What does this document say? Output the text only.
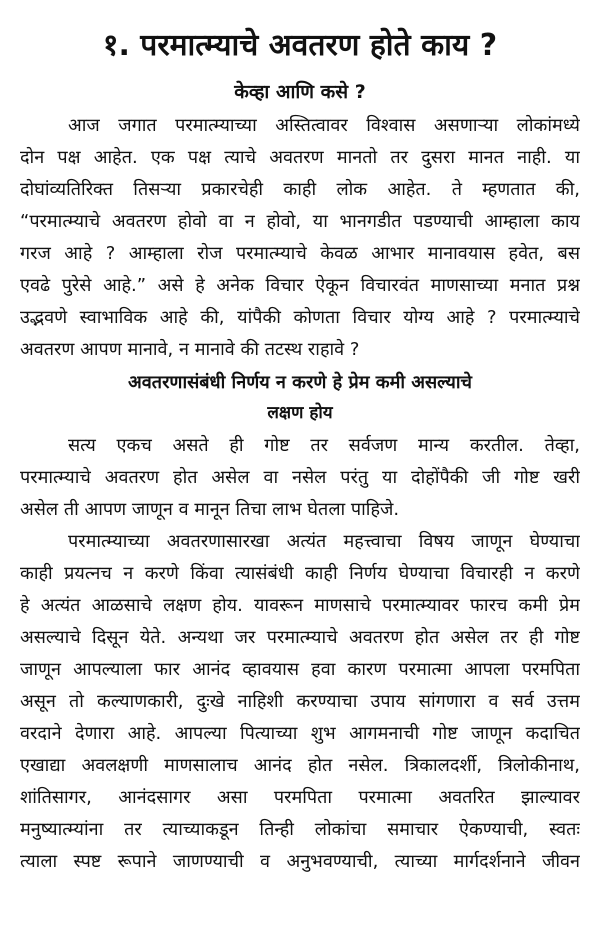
१. परमात्म्याचे अवतरण होते काय ?
केव्हा आणि कसे ?
आज जगात परमात्म्याच्या अस्तित्वावर विश्वास असणाऱ्या लोकांमध्ये
दोन पक्ष आहेत. एक पक्ष त्याचे अवतरण मानतो तर दुसरा मानत नाही. या
दोघांव्यतिरिक्त तिसऱ्या प्रकारचेही काही लोक आहेत. ते म्हणतात की,
“परमात्म्याचे अवतरण होवो वा न होवो, या भानगडीत पडण्याची आम्हाला काय
गरज आहे ? आम्हाला रोज परमात्म्याचे केवळ आभार मानावयास हवेत, बस
एवढे पुरेसे आहे.” असे हे अनेक विचार ऐकून विचारवंत माणसाच्या मनात प्रश्न
उद्भवणे स्वाभाविक आहे की, यांपैकी कोणता विचार योग्य आहे ? परमात्म्याचे
अवतरण आपण मानावे, न मानावे की तटस्थ राहावे ?
अवतरणासंबंधी निर्णय न करणे हे प्रेम कमी असल्याचे
लक्षण होय
सत्य एकच असते ही गोष्ट तर सर्वजण मान्य करतील. तेव्हा,
परमात्म्याचे अवतरण होत असेल वा नसेल परंतु या दोहोंपैकी जी गोष्ट खरी
असेल ती आपण जाणून व मानून तिचा लाभ घेतला पाहिजे.
परमात्म्याच्या अवतरणासारखा अत्यंत महत्त्वाचा विषय जाणून घेण्याचा
काही प्रयत्नच न करणे किंवा त्यासंबंधी काही निर्णय घेण्याचा विचारही न करणे
हे अत्यंत आळसाचे लक्षण होय. यावरून माणसाचे परमात्म्यावर फारच कमी प्रेम
असल्याचे दिसून येते. अन्यथा जर परमात्म्याचे अवतरण होत असेल तर ही गोष्ट
जाणून आपल्याला फार आनंद व्हावयास हवा कारण परमात्मा आपला परमपिता
असून तो कल्याणकारी, दुःखे नाहिशी करण्याचा उपाय सांगणारा व सर्व उत्तम
वरदाने देणारा आहे. आपल्या पित्याच्या शुभ आगमनाची गोष्ट जाणून कदाचित
एखाद्या अवलक्षणी माणसालाच आनंद होत नसेल. त्रिकालदर्शी, त्रिलोकीनाथ,
शांतिसागर, आनंदसागर असा परमपिता परमात्मा अवतरित झाल्यावर
मनुष्यात्म्यांना तर त्याच्याकडून तिन्ही लोकांचा समाचार ऐकण्याची, स्वतः
त्याला स्पष्ट रूपाने जाणण्याची व अनुभवण्याची, त्याच्या मार्गदर्शनाने जीवन
